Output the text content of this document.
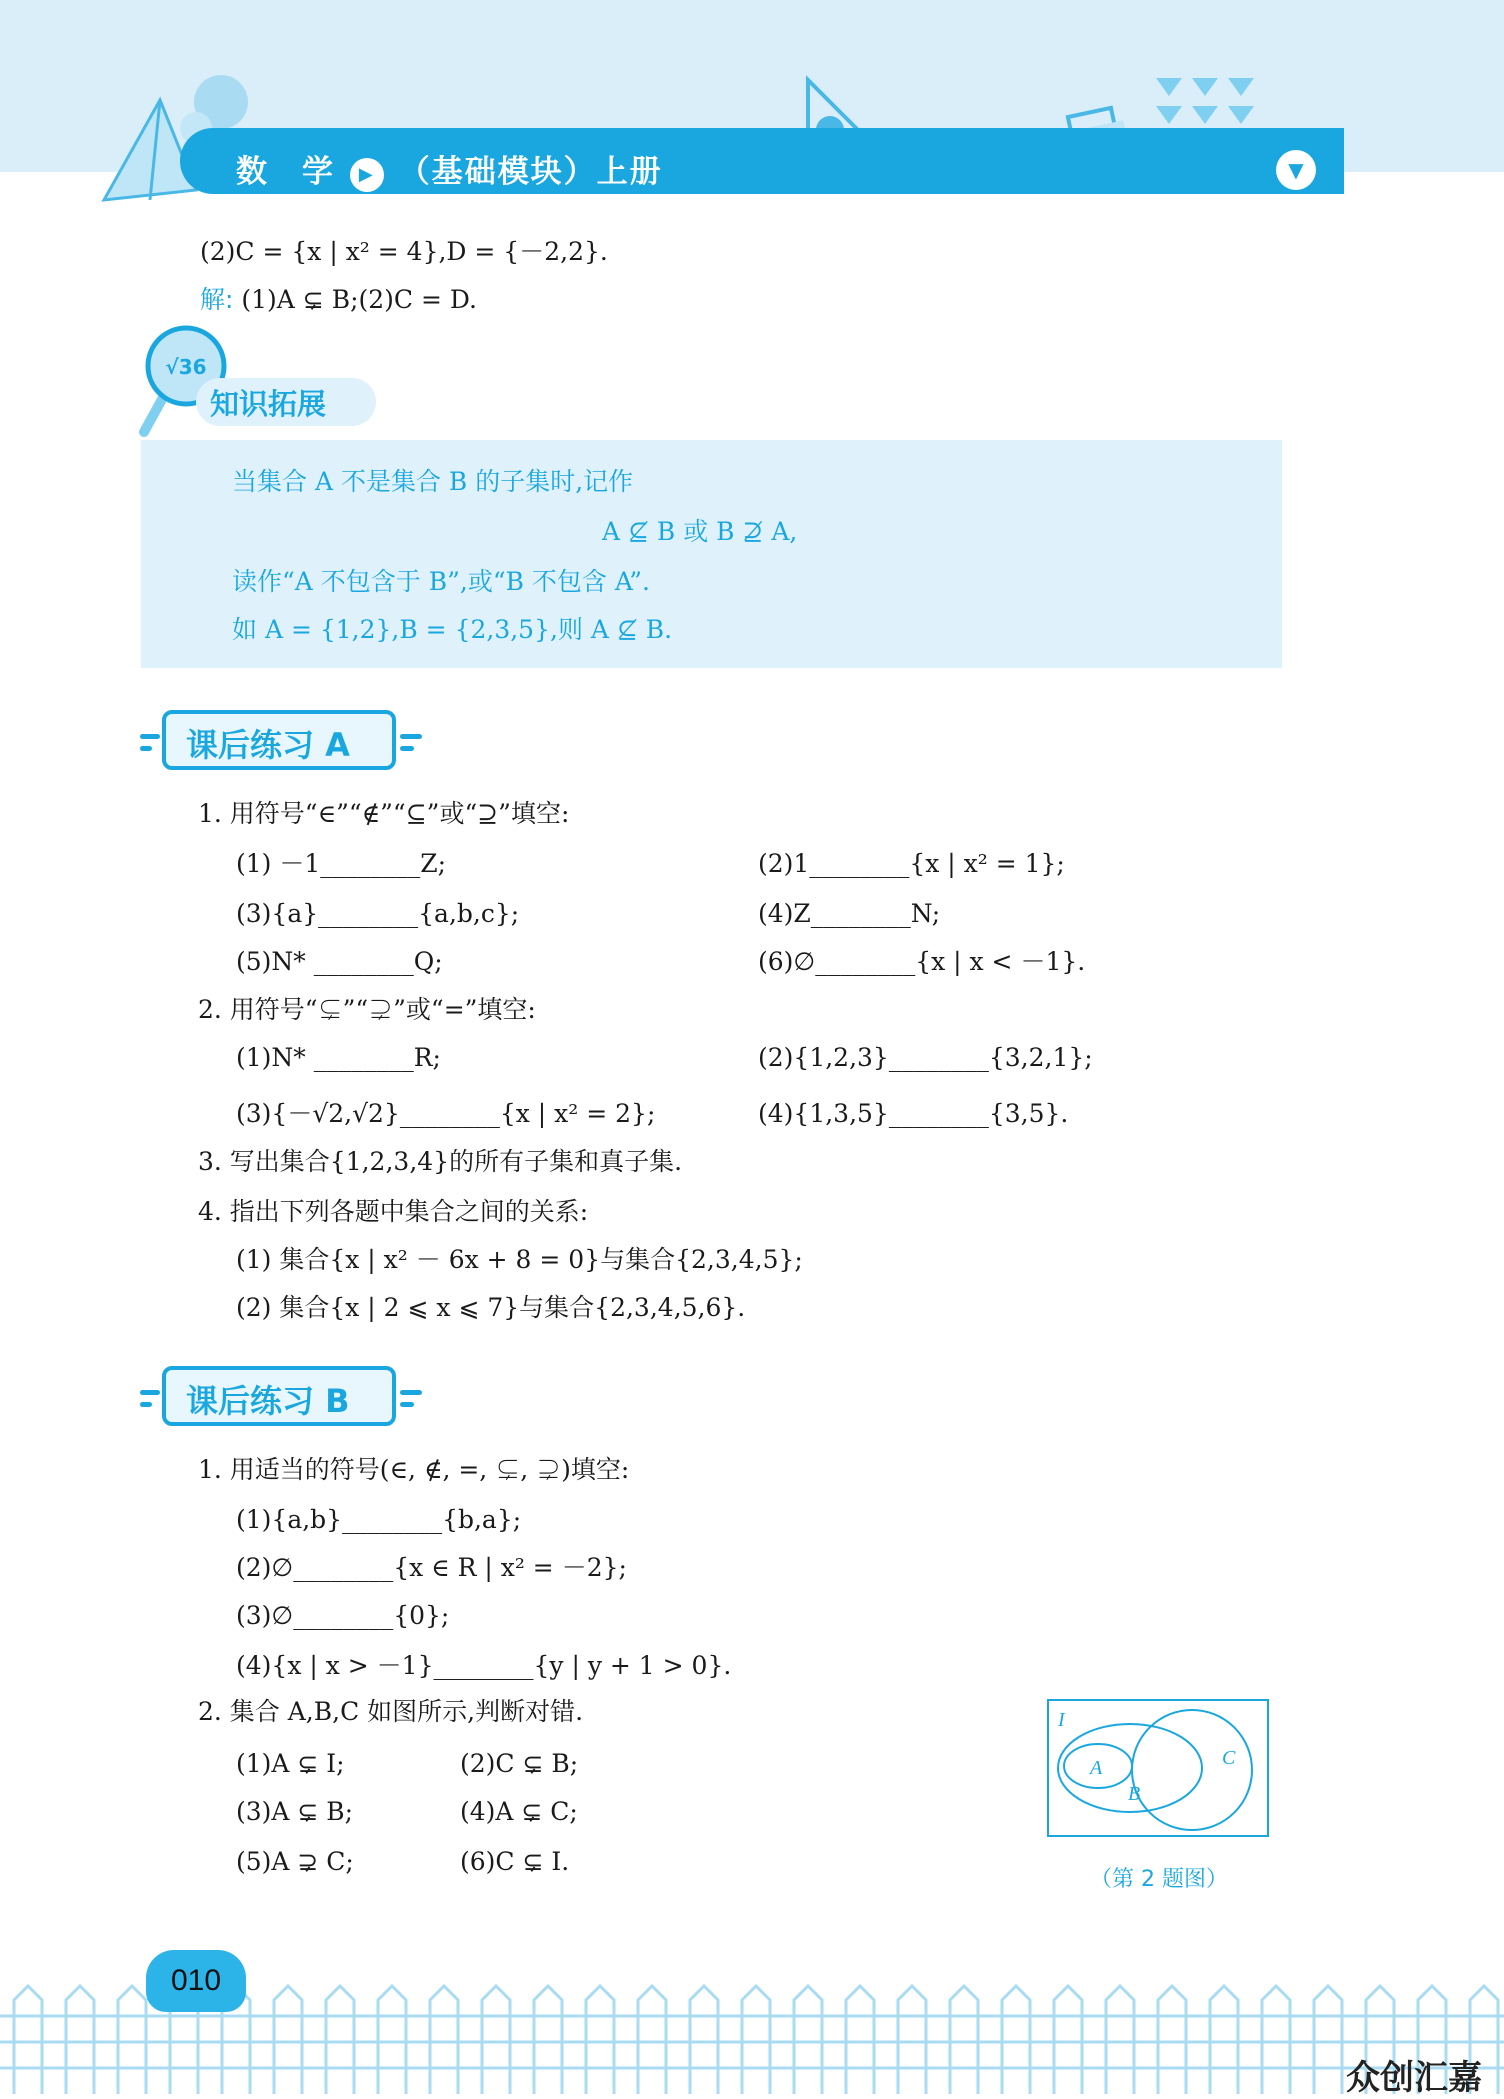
数　学 ▶ （基础模块）上册	▼
(2)C = {x | x² = 4},D = {－2,2}.
解: (1)A ⊊ B;(2)C = D.
√36
知识拓展
当集合 A 不是集合 B 的子集时,记作
A ⊈ B 或 B ⊉ A,
读作“A 不包含于 B”,或“B 不包含 A”.
如 A = {1,2},B = {2,3,5},则 A ⊈ B.
课后练习 A
1. 用符号“∈”“∉”“⊆”或“⊇”填空:
(1) －1________Z;	(2)1________{x | x² = 1};
(3){a}________{a,b,c};	(4)Z________N;
(5)N* ________Q;	(6)∅________{x | x < －1}.
2. 用符号“⊊”“⊋”或“=”填空:
(1)N* ________R;	(2){1,2,3}________{3,2,1};
(3){－√2,√2}________{x | x² = 2};	(4){1,3,5}________{3,5}.
3. 写出集合{1,2,3,4}的所有子集和真子集.
4. 指出下列各题中集合之间的关系:
(1) 集合{x | x² － 6x + 8 = 0}与集合{2,3,4,5};
(2) 集合{x | 2 ⩽ x ⩽ 7}与集合{2,3,4,5,6}.
课后练习 B
1. 用适当的符号(∈, ∉, =, ⊊, ⊋)填空:
(1){a,b}________{b,a};
(2)∅________{x ∈ R | x² = －2};
(3)∅________{0};
(4){x | x > －1}________{y | y + 1 > 0}.
2. 集合 A,B,C 如图所示,判断对错.
(1)A ⊊ I;	(2)C ⊊ B;
(3)A ⊊ B;	(4)A ⊊ C;
(5)A ⊋ C;	(6)C ⊊ I.
I
A
B
C
（第 2 题图）
010
众创汇嘉
